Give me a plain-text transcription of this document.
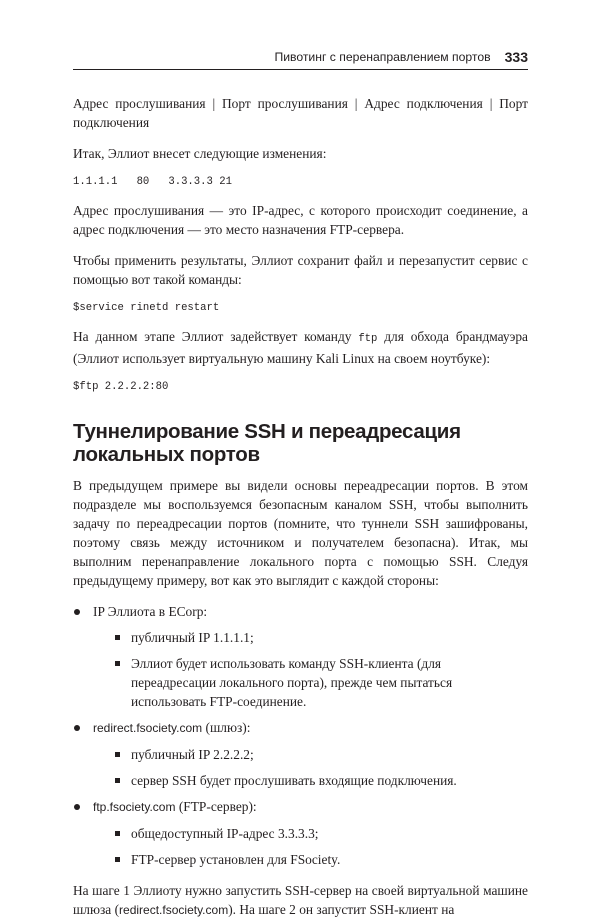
Пивотинг с перенаправлением портов 333

Адрес прослушивания | Порт прослушивания | Адрес подключения | Порт подключения

Итак, Эллиот внесет следующие изменения:

1.1.1.1   80   3.3.3.3 21

Адрес прослушивания — это IP-адрес, с которого происходит соединение, а адрес подключения — это место назначения FTP-сервера.

Чтобы применить результаты, Эллиот сохранит файл и перезапустит сервис с помощью вот такой команды:

$service rinetd restart

На данном этапе Эллиот задействует команду ftp для обхода брандмауэра (Эллиот использует виртуальную машину Kali Linux на своем ноутбуке):

$ftp 2.2.2.2:80
Туннелирование SSH и переадресация
локальных портов

В предыдущем примере вы видели основы переадресации портов. В этом подразделе мы воспользуемся безопасным каналом SSH, чтобы выполнить задачу по переадресации портов (помните, что туннели SSH зашифрованы, поэтому связь между источником и получателем безопасна). Итак, мы выполним перенаправление локального порта с помощью SSH. Следуя предыдущему примеру, вот как это выглядит с каждой стороны:

IP Эллиота в ECorp:
публичный IP 1.1.1.1;
Эллиот будет использовать команду SSH-клиента (для переадресации локального порта), прежде чем пытаться использовать FTP-соединение.
redirect.fsociety.com (шлюз):
публичный IP 2.2.2.2;
сервер SSH будет прослушивать входящие подключения.
ftp.fsociety.com (FTP-сервер):
общедоступный IP-адрес 3.3.3.3;
FTP-сервер установлен для FSociety.

На шаге 1 Эллиоту нужно запустить SSH-сервер на своей виртуальной машине шлюза (redirect.fsociety.com). На шаге 2 он запустит SSH-клиент на
